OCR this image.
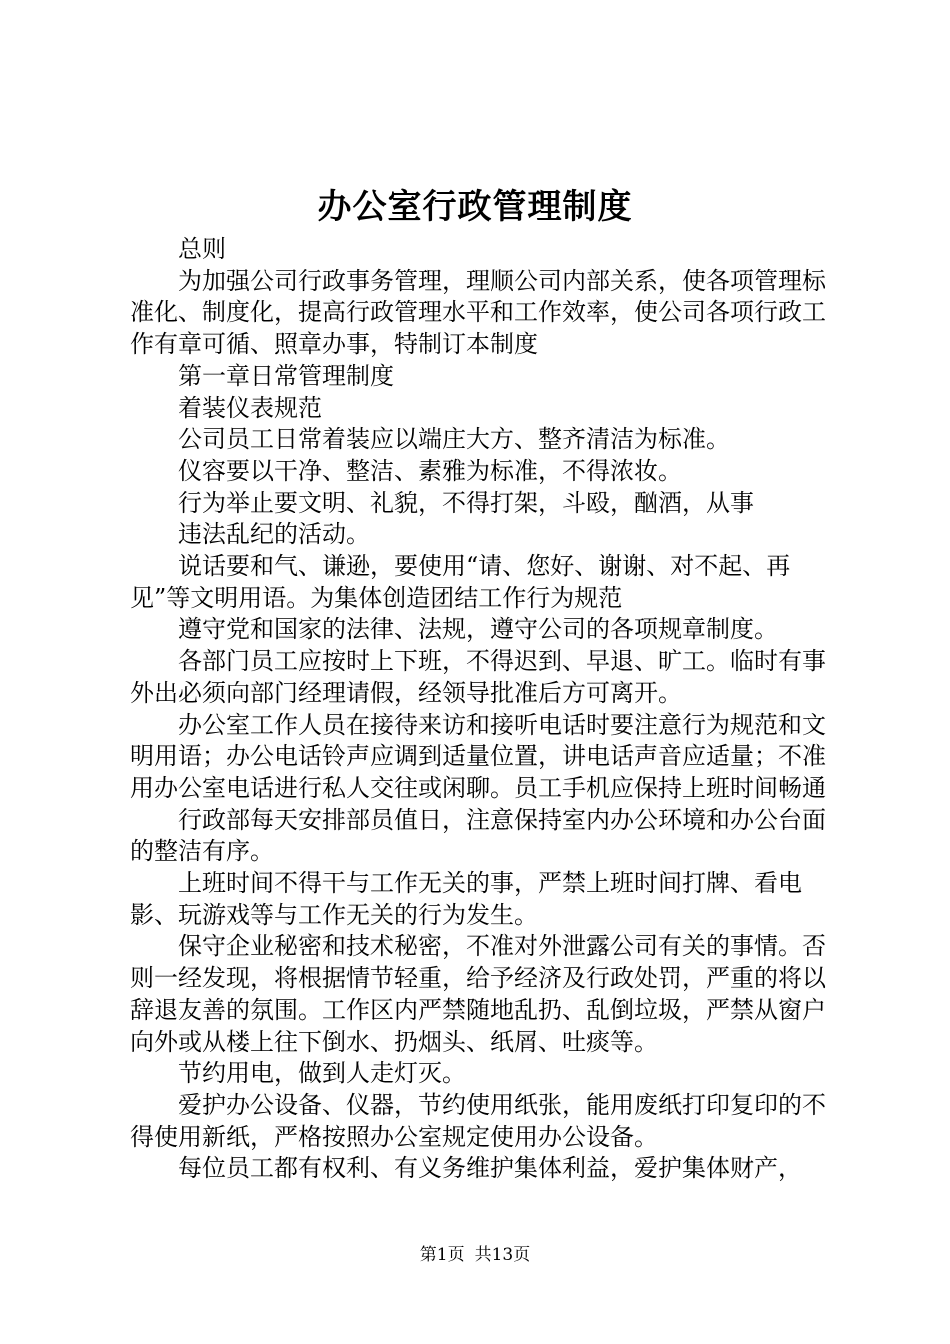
办公室行政管理制度

总则

为加强公司行政事务管理，理顺公司内部关系，使各项管理标准化、制度化，提高行政管理水平和工作效率，使公司各项行政工作有章可循、照章办事，特制订本制度

第一章日常管理制度

着装仪表规范

公司员工日常着装应以端庄大方、整齐清洁为标准。

仪容要以干净、整洁、素雅为标准，不得浓妆。

行为举止要文明、礼貌，不得打架，斗殴，酗酒，从事

违法乱纪的活动。

说话要和气、谦逊，要使用“请、您好、谢谢、对不起、再见”等文明用语。为集体创造团结工作行为规范

遵守党和国家的法律、法规，遵守公司的各项规章制度。

各部门员工应按时上下班，不得迟到、早退、旷工。临时有事外出必须向部门经理请假，经领导批准后方可离开。

办公室工作人员在接待来访和接听电话时要注意行为规范和文明用语；办公电话铃声应调到适量位置，讲电话声音应适量；不准用办公室电话进行私人交往或闲聊。员工手机应保持上班时间畅通

行政部每天安排部员值日，注意保持室内办公环境和办公台面的整洁有序。

上班时间不得干与工作无关的事，严禁上班时间打牌、看电影、玩游戏等与工作无关的行为发生。

保守企业秘密和技术秘密，不准对外泄露公司有关的事情。否则一经发现，将根据情节轻重，给予经济及行政处罚，严重的将以辞退友善的氛围。工作区内严禁随地乱扔、乱倒垃圾，严禁从窗户向外或从楼上往下倒水、扔烟头、纸屑、吐痰等。

节约用电，做到人走灯灭。

爱护办公设备、仪器，节约使用纸张，能用废纸打印复印的不得使用新纸，严格按照办公室规定使用办公设备。

每位员工都有权利、有义务维护集体利益，爱护集体财产，

第1页 共13页
